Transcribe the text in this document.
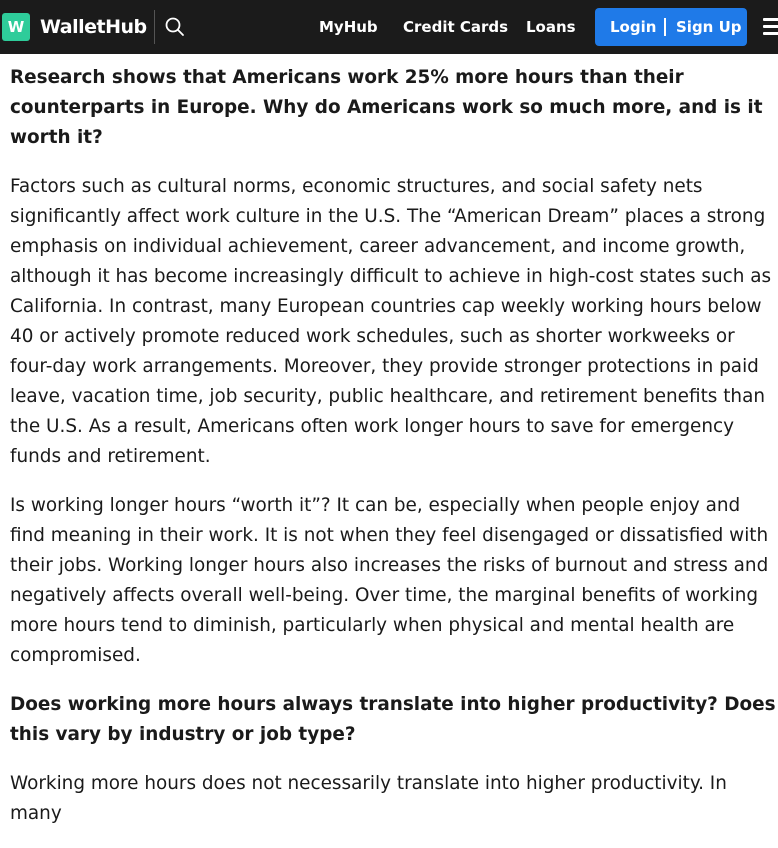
W WalletHub	MyHub Credit Cards Loans Login Sign Up

Research shows that Americans work 25% more hours than their counterparts in Europe. Why do Americans work so much more, and is it worth it?

Factors such as cultural norms, economic structures, and social safety nets significantly affect work culture in the U.S. The “American Dream” places a strong emphasis on individual achievement, career advancement, and income growth, although it has become increasingly difficult to achieve in high-cost states such as California. In contrast, many European countries cap weekly working hours below 40 or actively promote reduced work schedules, such as shorter workweeks or four-day work arrangements. Moreover, they provide stronger protections in paid leave, vacation time, job security, public healthcare, and retirement benefits than the U.S. As a result, Americans often work longer hours to save for emergency funds and retirement.

Is working longer hours “worth it”? It can be, especially when people enjoy and find meaning in their work. It is not when they feel disengaged or dissatisfied with their jobs. Working longer hours also increases the risks of burnout and stress and negatively affects overall well-being. Over time, the marginal benefits of working more hours tend to diminish, particularly when physical and mental health are compromised.

Does working more hours always translate into higher productivity? Does this vary by industry or job type?

Working more hours does not necessarily translate into higher productivity. In many
